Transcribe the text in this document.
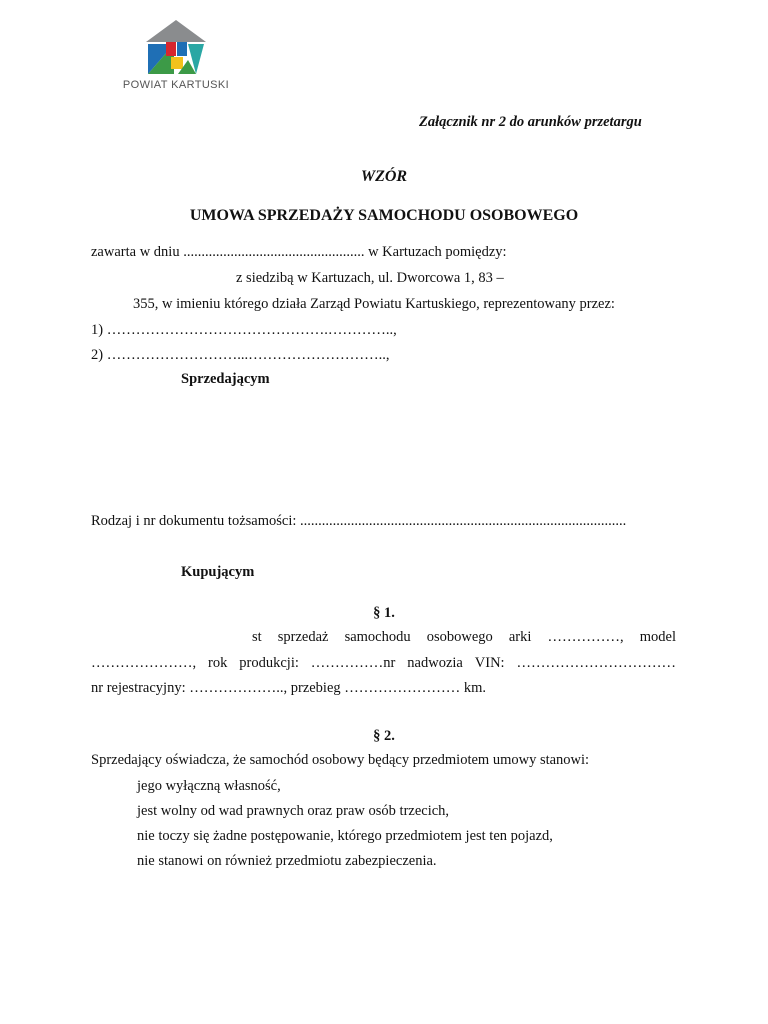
POWIAT KARTUSKI
Załącznik nr 2 do arunków przetargu
WZÓR
UMOWA SPRZEDAŻY SAMOCHODU OSOBOWEGO
zawarta w dniu .................................................. w Kartuzach pomiędzy:
z siedzibą w Kartuzach, ul. Dworcowa 1, 83 –
355, w imieniu którego działa Zarząd Powiatu Kartuskiego, reprezentowany przez:
1) ……………………………………….…………..,
2) ………………………...………………………..,
Sprzedającym
Rodzaj i nr dokumentu tożsamości: ..........................................................................................
Kupującym
§ 1.
st sprzedaż samochodu osobowego arki ……………, model
…………………, rok produkcji: ……………nr nadwozia VIN: ……………………………
nr rejestracyjny: ……………….., przebieg …………………… km.
§ 2.
Sprzedający oświadcza, że samochód osobowy będący przedmiotem umowy stanowi:
jego wyłączną własność,
jest wolny od wad prawnych oraz praw osób trzecich,
nie toczy się żadne postępowanie, którego przedmiotem jest ten pojazd,
nie stanowi on również przedmiotu zabezpieczenia.
